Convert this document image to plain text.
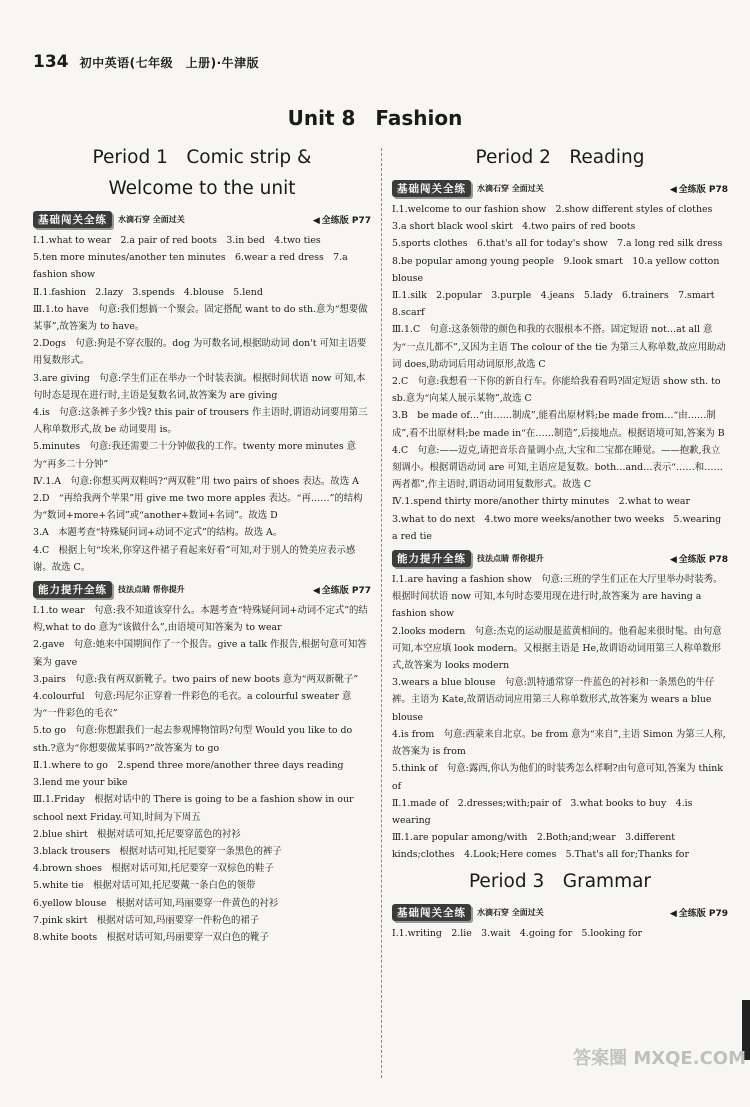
134 初中英语(七年级　上册)·牛津版
Unit 8　Fashion
Period 1　Comic strip &
Welcome to the unit
基础闯关全练	水滴石穿 全面过关	◀ 全练版 P77

Ⅰ.1.what to wear　2.a pair of red boots　3.in bed　4.two ties

5.ten more minutes/another ten minutes　6.wear a red dress　7.a fashion show

Ⅱ.1.fashion　2.lazy　3.spends　4.blouse　5.lend

Ⅲ.1.to have　句意:我们想搞一个聚会。固定搭配 want to do sth.意为“想要做某事”,故答案为 to have。

2.Dogs　句意:狗是不穿衣服的。dog 为可数名词,根据助动词 don't 可知主语要用复数形式。

3.are giving　句意:学生们正在举办一个时装表演。根据时间状语 now 可知,本句时态是现在进行时,主语是复数名词,故答案为 are giving

4.is　句意:这条裤子多少钱? this pair of trousers 作主语时,谓语动词要用第三人称单数形式,故 be 动词要用 is。

5.minutes　句意:我还需要二十分钟做我的工作。twenty more minutes 意为“再多二十分钟”

Ⅳ.1.A　句意:你想买两双鞋吗?“两双鞋”用 two pairs of shoes 表达。故选 A

2.D　“再给我两个苹果”用 give me two more apples 表达。“再……”的结构为“数词+more+名词”或“another+数词+名词”。故选 D

3.A　本题考查“特殊疑问词+动词不定式”的结构。故选 A。

4.C　根据上句“埃米,你穿这件裙子看起来好看”可知,对于别人的赞美应表示感谢。故选 C。

能力提升全练	技法点睛 帮你提升	◀ 全练版 P77

Ⅰ.1.to wear　句意:我不知道该穿什么。本题考查“特殊疑问词+动词不定式”的结构,what to do 意为“该做什么”,由语境可知答案为 to wear

2.gave　句意:她来中国期间作了一个报告。give a talk 作报告,根据句意可知答案为 gave

3.pairs　句意:我有两双新靴子。two pairs of new boots 意为“两双新靴子”

4.colourful　句意:玛尼尔正穿着一件彩色的毛衣。a colourful sweater 意为“一件彩色的毛衣”

5.to go　句意:你想跟我们一起去参观博物馆吗?句型 Would you like to do sth.?意为“你想要做某事吗?”故答案为 to go

Ⅱ.1.where to go　2.spend three more/another three days reading　3.lend me your bike

Ⅲ.1.Friday　根据对话中的 There is going to be a fashion show in our school next Friday.可知,时间为下周五

2.blue shirt　根据对话可知,托尼要穿蓝色的衬衫

3.black trousers　根据对话可知,托尼要穿一条黑色的裤子

4.brown shoes　根据对话可知,托尼要穿一双棕色的鞋子

5.white tie　根据对话可知,托尼要戴一条白色的领带

6.yellow blouse　根据对话可知,玛丽要穿一件黄色的衬衫

7.pink skirt　根据对话可知,玛丽要穿一件粉色的裙子

8.white boots　根据对话可知,玛丽要穿一双白色的靴子

Period 2　Reading
基础闯关全练	水滴石穿 全面过关	◀ 全练版 P78

Ⅰ.1.welcome to our fashion show　2.show different styles of clothes　3.a short black wool skirt　4.two pairs of red boots

5.sports clothes　6.that's all for today's show　7.a long red silk dress　8.be popular among young people　9.look smart　10.a yellow cotton blouse

Ⅱ.1.silk　2.popular　3.purple　4.jeans　5.lady　6.trainers　7.smart　8.scarf

Ⅲ.1.C　句意:这条领带的颜色和我的衣服根本不搭。固定短语 not…at all 意为“一点儿都不”,又因为主语 The colour of the tie 为第三人称单数,故应用助动词 does,助动词后用动词原形,故选 C

2.C　句意:我想看一下你的新自行车。你能给我看看吗?固定短语 show sth. to sb.意为“向某人展示某物”,故选 C

3.B　be made of…“由……制成”,能看出原材料;be made from…“由……制成”,看不出原材料;be made in“在……制造”,后接地点。根据语境可知,答案为 B

4.C　句意:——迈克,请把音乐音量调小点,大宝和二宝都在睡觉。——抱歉,我立刻调小。根据谓语动词 are 可知,主语应是复数。both…and…表示“……和……两者都”,作主语时,谓语动词用复数形式。故选 C

Ⅳ.1.spend thirty more/another thirty minutes　2.what to wear

3.what to do next　4.two more weeks/another two weeks　5.wearing a red tie

能力提升全练	技法点睛 帮你提升	◀ 全练版 P78

Ⅰ.1.are having a fashion show　句意:三班的学生们正在大厅里举办时装秀。根据时间状语 now 可知,本句时态要用现在进行时,故答案为 are having a fashion show

2.looks modern　句意:杰克的运动服是蓝黄相间的。他看起来很时髦。由句意可知,本空应填 look modern。又根据主语是 He,故谓语动词用第三人称单数形式,故答案为 looks modern

3.wears a blue blouse　句意:凯特通常穿一件蓝色的衬衫和一条黑色的牛仔裤。主语为 Kate,故谓语动词应用第三人称单数形式,故答案为 wears a blue blouse

4.is from　句意:西蒙来自北京。be from 意为“来自”,主语 Simon 为第三人称,故答案为 is from

5.think of　句意:露西,你认为他们的时装秀怎么样啊?由句意可知,答案为 think of

Ⅱ.1.made of　2.dresses;with;pair of　3.what books to buy　4.is wearing

Ⅲ.1.are popular among/with　2.Both;and;wear　3.different kinds;clothes　4.Look;Here comes　5.That's all for;Thanks for

Period 3　Grammar
基础闯关全练	水滴石穿 全面过关	◀ 全练版 P79

Ⅰ.1.writing　2.lie　3.wait　4.going for　5.looking for

答案圈 MXQE.COM
